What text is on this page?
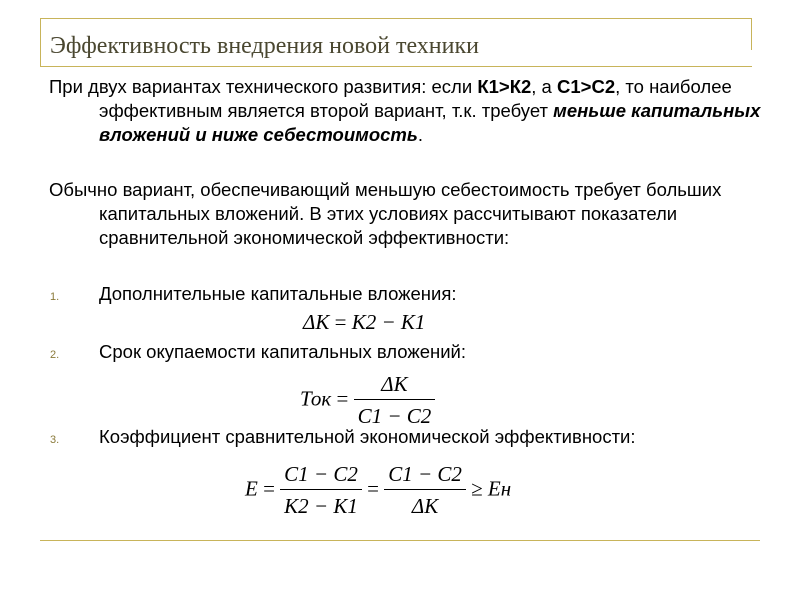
Эффективность внедрения новой техники
При двух вариантах технического развития: если К1>К2, а С1>С2, то наиболее эффективным является второй вариант, т.к. требует меньше капитальных вложений и ниже себестоимость.
Обычно вариант, обеспечивающий меньшую себестоимость требует больших капитальных вложений. В этих условиях рассчитывают показатели сравнительной экономической эффективности:
1. Дополнительные капитальные вложения:
ΔK = K2 − K1
2. Срок окупаемости капитальных вложений:
Ток = $\frac{\Delta K}{C1 - C2}$
3. Коэффициент сравнительной экономической эффективности:
$E = \frac{C1 - C2}{K2 - K1} = \frac{C1 - C2}{\Delta K}$ ≥ Ен
